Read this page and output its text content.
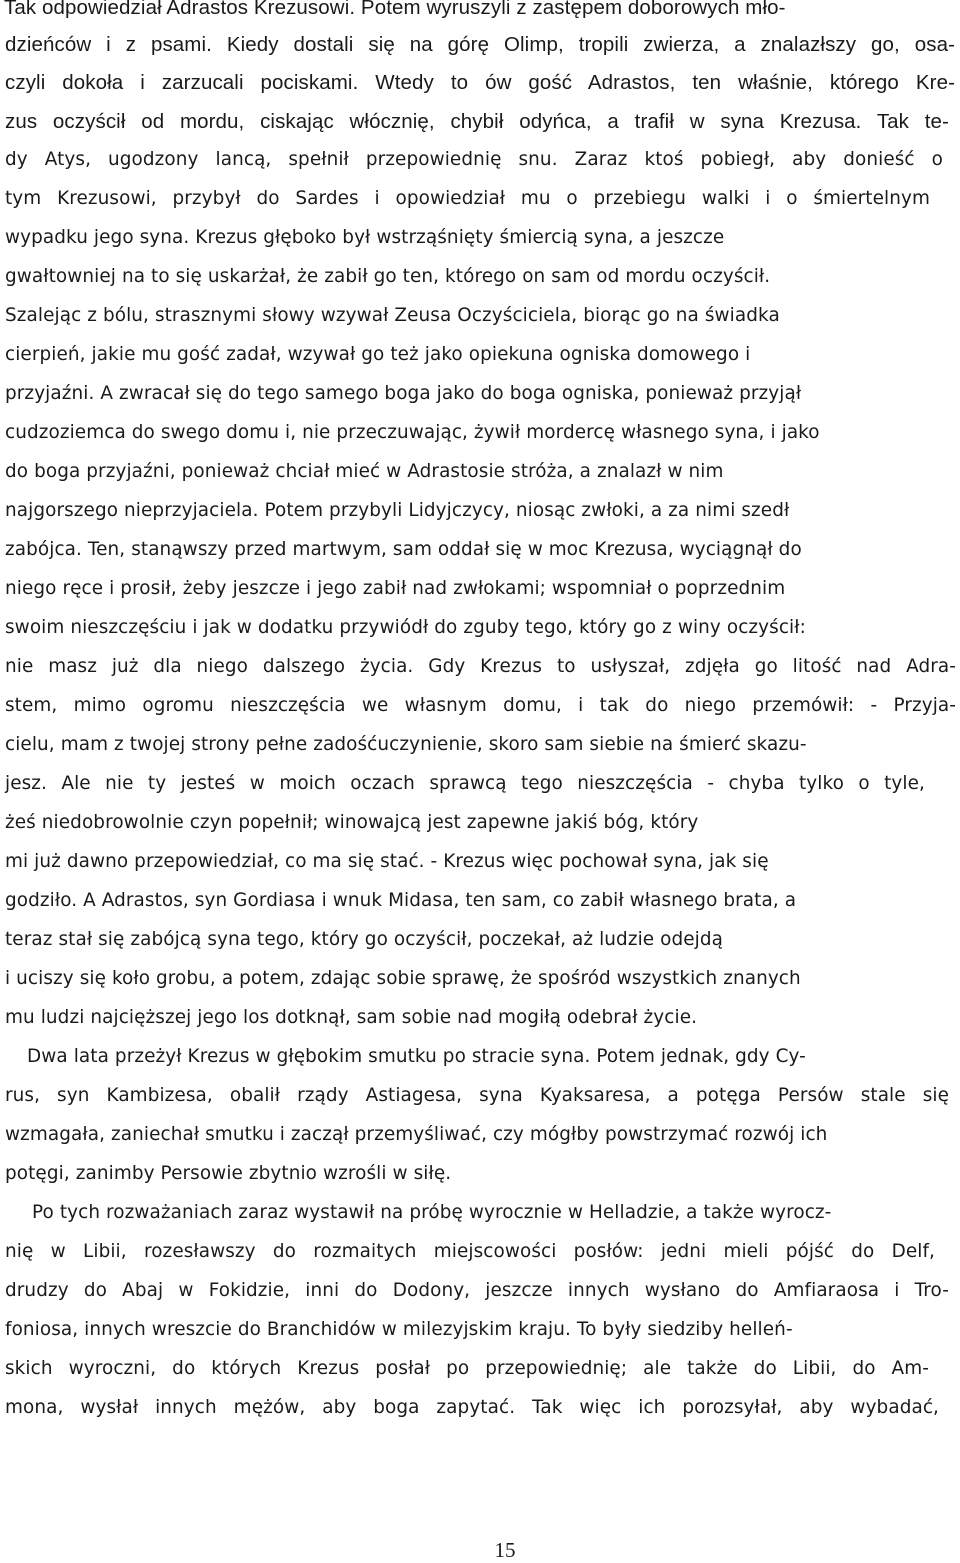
Tak odpowiedział Adrastos Krezusowi. Potem wyruszyli z zastępem doborowych mło-
dzieńców i z psami. Kiedy dostali się na górę Olimp, tropili zwierza, a znalazłszy go, osa-
czyli dokoła i zarzucali pociskami. Wtedy to ów gość Adrastos, ten właśnie, którego Kre-
zus oczyścił od mordu, ciskając włócznię, chybił odyńca, a trafił w syna Krezusa. Tak te-
dy Atys, ugodzony lancą, spełnił przepowiednię snu. Zaraz ktoś pobiegł, aby donieść o
tym Krezusowi, przybył do Sardes i opowiedział mu o przebiegu walki i o śmiertelnym
wypadku jego syna. Krezus głęboko był wstrząśnięty śmiercią syna, a jeszcze
gwałtowniej na to się uskarżał, że zabił go ten, którego on sam od mordu oczyścił.
Szalejąc z bólu, strasznymi słowy wzywał Zeusa Oczyściciela, biorąc go na świadka
cierpień, jakie mu gość zadał, wzywał go też jako opiekuna ogniska domowego i
przyjaźni. A zwracał się do tego samego boga jako do boga ogniska, ponieważ przyjął
cudzoziemca do swego domu i, nie przeczuwając, żywił mordercę własnego syna, i jako
do boga przyjaźni, ponieważ chciał mieć w Adrastosie stróża, a znalazł w nim
najgorszego nieprzyjaciela. Potem przybyli Lidyjczycy, niosąc zwłoki, a za nimi szedł
zabójca. Ten, stanąwszy przed martwym, sam oddał się w moc Krezusa, wyciągnął do
niego ręce i prosił, żeby jeszcze i jego zabił nad zwłokami; wspomniał o poprzednim
swoim nieszczęściu i jak w dodatku przywiódł do zguby tego, który go z winy oczyścił:
nie masz już dla niego dalszego życia. Gdy Krezus to usłyszał, zdjęła go litość nad Adra-
stem, mimo ogromu nieszczęścia we własnym domu, i tak do niego przemówił: - Przyja-
cielu, mam z twojej strony pełne zadośćuczynienie, skoro sam siebie na śmierć skazu-
jesz. Ale nie ty jesteś w moich oczach sprawcą tego nieszczęścia - chyba tylko o tyle,
żeś niedobrowolnie czyn popełnił; winowajcą jest zapewne jakiś bóg, który
mi już dawno przepowiedział, co ma się stać. - Krezus więc pochował syna, jak się
godziło. A Adrastos, syn Gordiasa i wnuk Midasa, ten sam, co zabił własnego brata, a
teraz stał się zabójcą syna tego, który go oczyścił, poczekał, aż ludzie odejdą
i uciszy się koło grobu, a potem, zdając sobie sprawę, że spośród wszystkich znanych
mu ludzi najcięższej jego los dotknął, sam sobie nad mogiłą odebrał życie.
Dwa lata przeżył Krezus w głębokim smutku po stracie syna. Potem jednak, gdy Cy-
rus, syn Kambizesa, obalił rządy Astiagesa, syna Kyaksaresa, a potęga Persów stale się
wzmagała, zaniechał smutku i zaczął przemyśliwać, czy mógłby powstrzymać rozwój ich
potęgi, zanimby Persowie zbytnio wzrośli w siłę.
Po tych rozważaniach zaraz wystawił na próbę wyrocznie w Helladzie, a także wyrocz-
nię w Libii, rozesławszy do rozmaitych miejscowości posłów: jedni mieli pójść do Delf,
drudzy do Abaj w Fokidzie, inni do Dodony, jeszcze innych wysłano do Amfiaraosa i Tro-
foniosa, innych wreszcie do Branchidów w milezyjskim kraju. To były siedziby helleń-
skich wyroczni, do których Krezus posłał po przepowiednię; ale także do Libii, do Am-
mona, wysłał innych mężów, aby boga zapytać. Tak więc ich porozsyłał, aby wybadać,
15
